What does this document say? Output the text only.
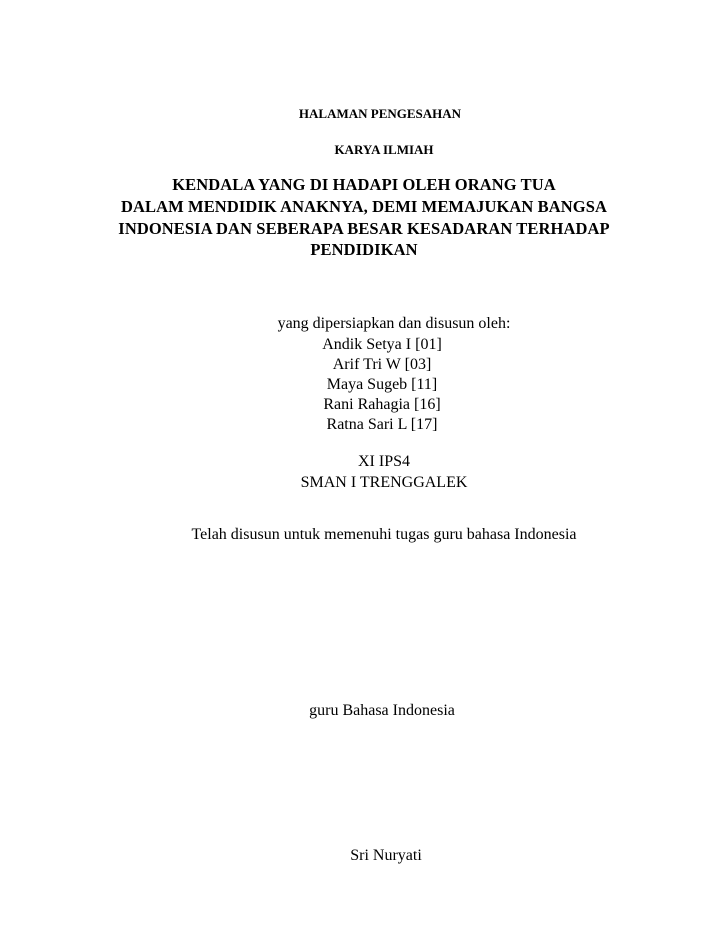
HALAMAN PENGESAHAN
KARYA ILMIAH
KENDALA YANG DI HADAPI OLEH ORANG TUA
DALAM MENDIDIK ANAKNYA, DEMI MEMAJUKAN BANGSA
INDONESIA DAN SEBERAPA BESAR KESADARAN TERHADAP
PENDIDIKAN
yang dipersiapkan dan disusun oleh:
Andik Setya I [01]
Arif Tri W [03]
Maya Sugeb [11]
Rani Rahagia [16]
Ratna Sari L [17]
XI IPS4
SMAN I TRENGGALEK
Telah disusun untuk memenuhi tugas guru bahasa Indonesia
guru Bahasa Indonesia
Sri Nuryati
